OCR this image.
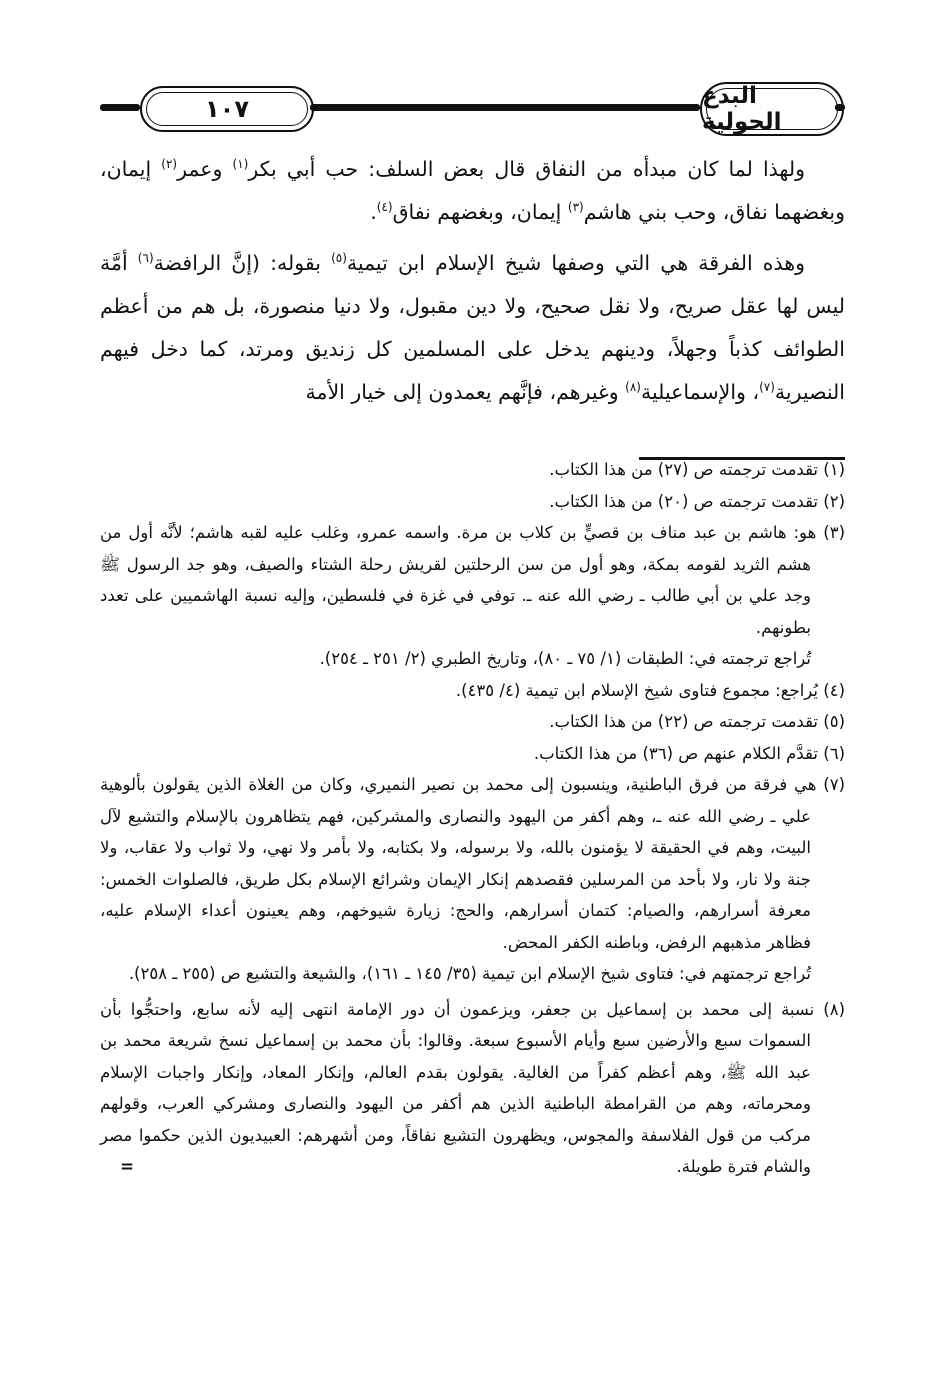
١٠٧	البدع الحولية

ولهذا لما كان مبدأه من النفاق قال بعض السلف: حب أبي بكر$^{(١)}$ وعمر$^{(٢)}$ إيمان، وبغضهما نفاق، وحب بني هاشم$^{(٣)}$ إيمان، وبغضهم نفاق$^{(٤)}$.

وهذه الفرقة هي التي وصفها شيخ الإسلام ابن تيمية$^{(٥)}$ بقوله: (إنَّ الرافضة$^{(٦)}$ أمَّة ليس لها عقل صريح، ولا نقل صحيح، ولا دين مقبول، ولا دنيا منصورة، بل هم من أعظم الطوائف كذباً وجهلاً، ودينهم يدخل على المسلمين كل زنديق ومرتد، كما دخل فيهم النصيرية$^{(٧)}$، والإسماعيلية$^{(٨)}$ وغيرهم، فإنَّهم يعمدون إلى خيار الأمة

(١) تقدمت ترجمته ص (٢٧) من هذا الكتاب.

(٢) تقدمت ترجمته ص (٢٠) من هذا الكتاب.

(٣) هو: هاشم بن عبد مناف بن قصيٍّ بن كلاب بن مرة. واسمه عمرو، وغلب عليه لقبه هاشم؛ لأنَّه أول من هشم الثريد لقومه بمكة، وهو أول من سن الرحلتين لقريش رحلة الشتاء والصيف، وهو جد الرسول ﷺ وجد علي بن أبي طالب ـ رضي الله عنه ـ. توفي في غزة في فلسطين، وإليه نسبة الهاشميين على تعدد بطونهم.

تُراجع ترجمته في: الطبقات (١/ ٧٥ ـ ٨٠)، وتاريخ الطبري (٢/ ٢٥١ ـ ٢٥٤).

(٤) يُراجع: مجموع فتاوى شيخ الإسلام ابن تيمية (٤/ ٤٣٥).

(٥) تقدمت ترجمته ص (٢٢) من هذا الكتاب.

(٦) تقدَّم الكلام عنهم ص (٣٦) من هذا الكتاب.

(٧) هي فرقة من فرق الباطنية، وينسبون إلى محمد بن نصير النميري، وكان من الغلاة الذين يقولون بألوهية علي ـ رضي الله عنه ـ، وهم أكفر من اليهود والنصارى والمشركين، فهم يتظاهرون بالإسلام والتشيع لآل البيت، وهم في الحقيقة لا يؤمنون بالله، ولا برسوله، ولا بكتابه، ولا بأمر ولا نهي، ولا ثواب ولا عقاب، ولا جنة ولا نار، ولا بأحد من المرسلين فقصدهم إنكار الإيمان وشرائع الإسلام بكل طريق، فالصلوات الخمس: معرفة أسرارهم، والصيام: كتمان أسرارهم، والحج: زيارة شيوخهم، وهم يعينون أعداء الإسلام عليه، فظاهر مذهبهم الرفض، وباطنه الكفر المحض.

تُراجع ترجمتهم في: فتاوى شيخ الإسلام ابن تيمية (٣٥/ ١٤٥ ـ ١٦١)، والشيعة والتشيع ص (٢٥٥ ـ ٢٥٨).

(٨) نسبة إلى محمد بن إسماعيل بن جعفر، ويزعمون أن دور الإمامة انتهى إليه لأنه سابع، واحتجُّوا بأن السموات سبع والأرضين سبع وأيام الأسبوع سبعة. وقالوا: بأن محمد بن إسماعيل نسخ شريعة محمد بن عبد الله ﷺ، وهم أعظم كفراً من الغالية. يقولون بقدم العالم، وإنكار المعاد، وإنكار واجبات الإسلام ومحرماته، وهم من القرامطة الباطنية الذين هم أكفر من اليهود والنصارى ومشركي العرب، وقولهم مركب من قول الفلاسفة والمجوس، ويظهرون التشيع نفاقاً، ومن أشهرهم: العبيديون الذين حكموا مصر والشام فترة طويلة.
=
